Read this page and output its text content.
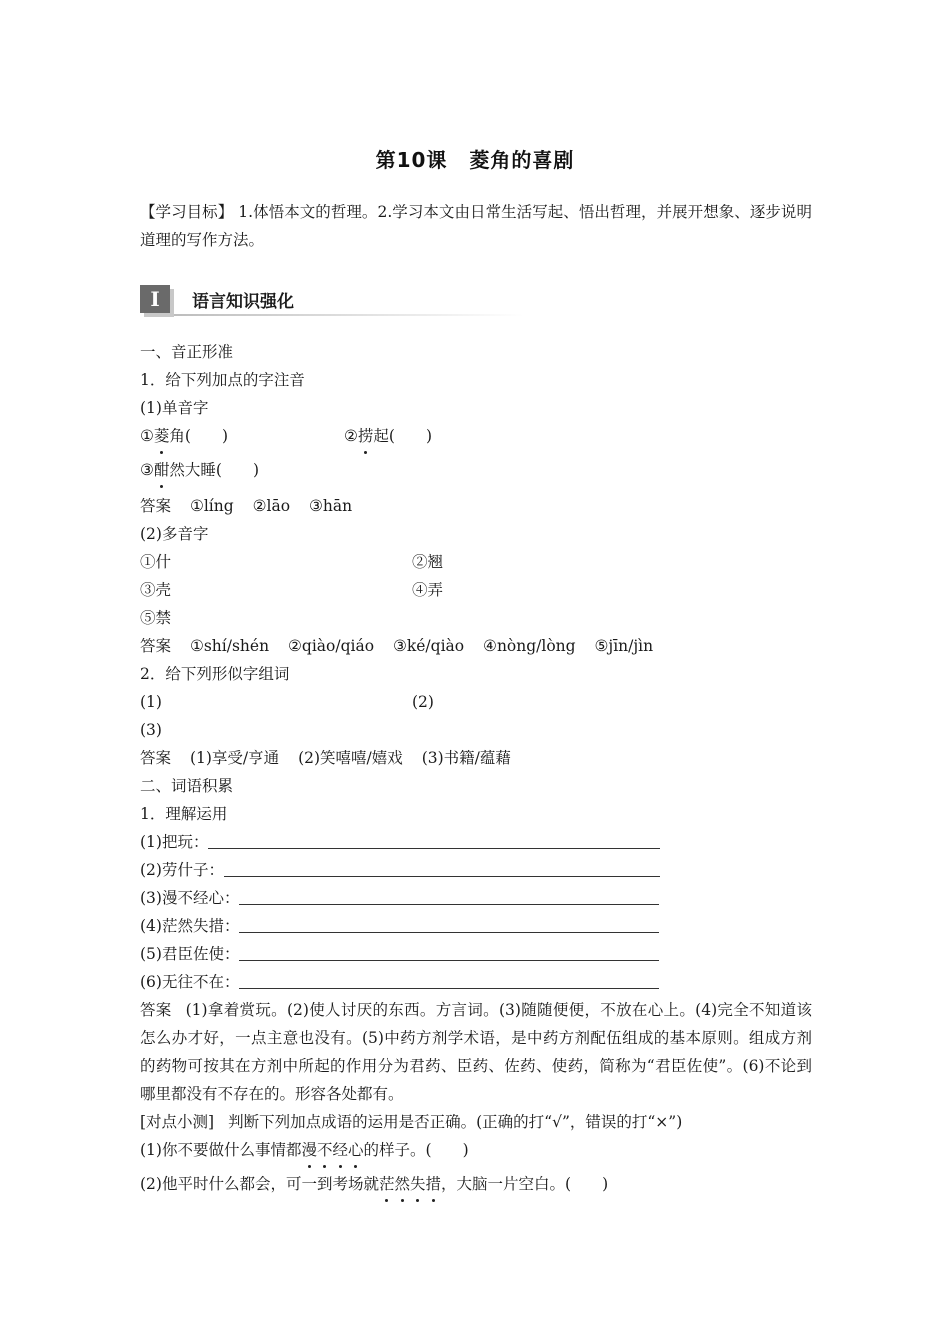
第10课 菱角的喜剧
【学习目标】 1.体悟本文的哲理。2.学习本文由日常生活写起、悟出哲理，并展开想象、逐步说明道理的写作方法。
I	语言知识强化
一、音正形准
1．给下列加点的字注音
(1)单音字
①菱角(　　)	②捞起(　　)
③酣然大睡(　　)
答案 ①líng ②lāo ③hān
(2)多音字
①什	②翘
③壳	④弄
⑤禁
答案 ①shí/shén ②qiào/qiáo ③ké/qiào ④nòng/lòng ⑤jīn/jìn
2．给下列形似字组词
(1)	(2)
(3)
答案 (1)享受/亨通 (2)笑嘻嘻/嬉戏 (3)书籍/蕴藉
二、词语积累
1．理解运用
(1)把玩：
(2)劳什子：
(3)漫不经心：
(4)茫然失措：
(5)君臣佐使：
(6)无往不在：
答案 (1)拿着赏玩。(2)使人讨厌的东西。方言词。(3)随随便便，不放在心上。(4)完全不知道该怎么办才好，一点主意也没有。(5)中药方剂学术语，是中药方剂配伍组成的基本原则。组成方剂的药物可按其在方剂中所起的作用分为君药、臣药、佐药、使药，简称为“君臣佐使”。(6)不论到哪里都没有不存在的。形容各处都有。
[对点小测] 判断下列加点成语的运用是否正确。(正确的打“√”，错误的打“×”)
(1)你不要做什么事情都漫不经心的样子。(　　)
(2)他平时什么都会，可一到考场就茫然失措，大脑一片空白。(　　)
